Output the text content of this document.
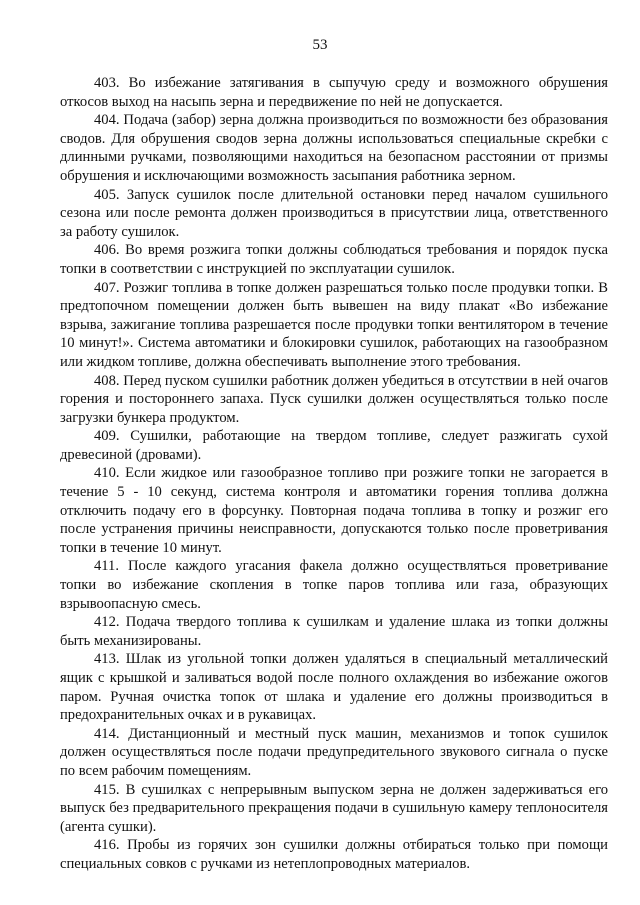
53

403. Во избежание затягивания в сыпучую среду и возможного обрушения откосов выход на насыпь зерна и передвижение по ней не допускается.

404. Подача (забор) зерна должна производиться по возможности без образования сводов. Для обрушения сводов зерна должны использоваться специальные скребки с длинными ручками, позволяющими находиться на безопасном расстоянии от призмы обрушения и исключающими возможность засыпания работника зерном.

405. Запуск сушилок после длительной остановки перед началом сушильного сезона или после ремонта должен производиться в присутствии лица, ответственного за работу сушилок.

406. Во время розжига топки должны соблюдаться требования и порядок пуска топки в соответствии с инструкцией по эксплуатации сушилок.

407. Розжиг топлива в топке должен разрешаться только после продувки топки. В предтопочном помещении должен быть вывешен на виду плакат «Во избежание взрыва, зажигание топлива разрешается после продувки топки вентилятором в течение 10 минут!». Система автоматики и блокировки сушилок, работающих на газообразном или жидком топливе, должна обеспечивать выполнение этого требования.

408. Перед пуском сушилки работник должен убедиться в отсутствии в ней очагов горения и постороннего запаха. Пуск сушилки должен осуществляться только после загрузки бункера продуктом.

409. Сушилки, работающие на твердом топливе, следует разжигать сухой древесиной (дровами).

410. Если жидкое или газообразное топливо при розжиге топки не загорается в течение 5 - 10 секунд, система контроля и автоматики горения топлива должна отключить подачу его в форсунку. Повторная подача топлива в топку и розжиг его после устранения причины неисправности, допускаются только после проветривания топки в течение 10 минут.

411. После каждого угасания факела должно осуществляться проветривание топки во избежание скопления в топке паров топлива или газа, образующих взрывоопасную смесь.

412. Подача твердого топлива к сушилкам и удаление шлака из топки должны быть механизированы.

413. Шлак из угольной топки должен удаляться в специальный металлический ящик с крышкой и заливаться водой после полного охлаждения во избежание ожогов паром. Ручная очистка топок от шлака и удаление его должны производиться в предохранительных очках и в рукавицах.

414. Дистанционный и местный пуск машин, механизмов и топок сушилок должен осуществляться после подачи предупредительного звукового сигнала о пуске по всем рабочим помещениям.

415. В сушилках с непрерывным выпуском зерна не должен задерживаться его выпуск без предварительного прекращения подачи в сушильную камеру теплоносителя (агента сушки).

416. Пробы из горячих зон сушилки должны отбираться только при помощи специальных совков с ручками из нетеплопроводных материалов.
